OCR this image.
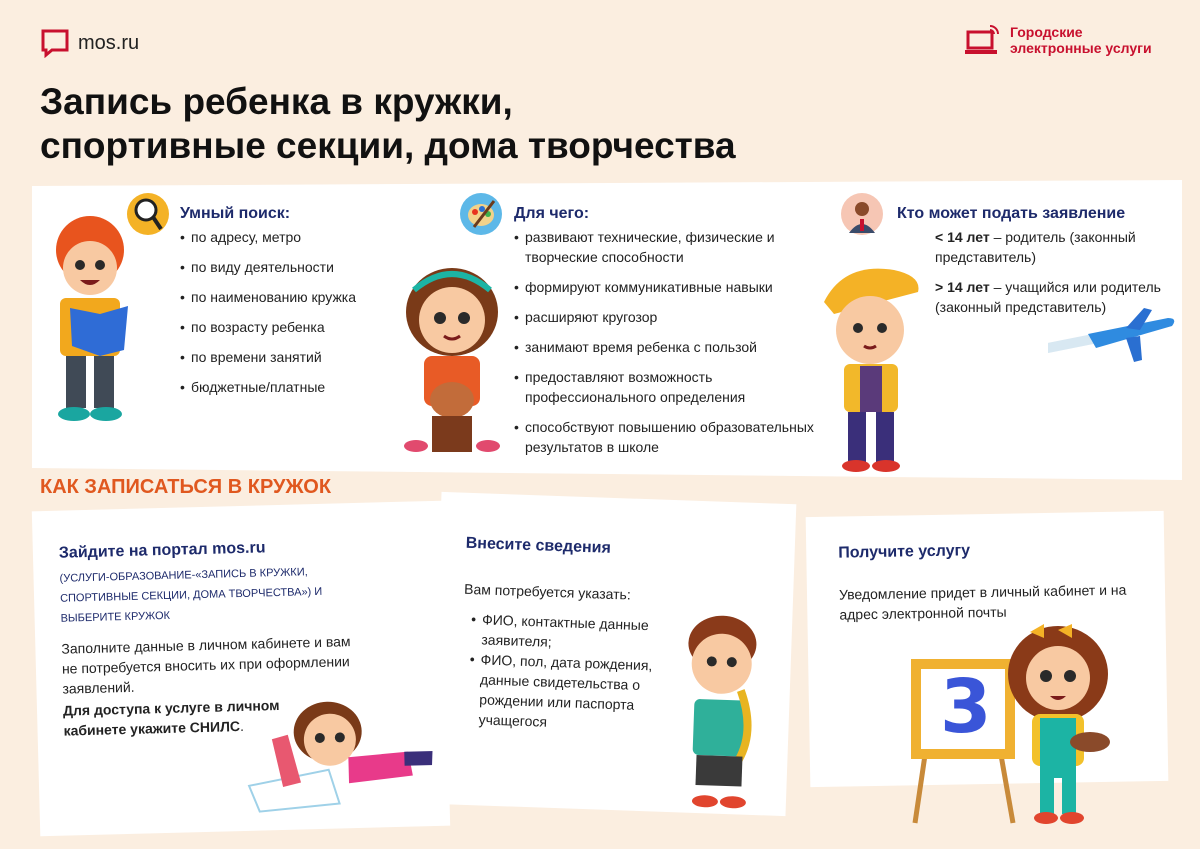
mos.ru	Городские
электронные услуги
Запись ребенка в кружки,
спортивные секции, дома творчества
Умный поиск:
• по адресу, метро
• по виду деятельности
• по наименованию кружка
• по возрасту ребенка
• по времени занятий
• бюджетные/платные
Для чего:
• развивают технические, физические и творческие способности
• формируют коммуникативные навыки
• расширяют кругозор
• занимают время ребенка с пользой
• предоставляют возможность профессионального определения
• способствуют повышению образовательных результатов в школе
Кто может подать заявление
< 14 лет – родитель (законный представитель)
> 14 лет – учащийся или родитель (законный представитель)
КАК ЗАПИСАТЬСЯ В КРУЖОК
Зайдите на портал mos.ru
(УСЛУГИ-ОБРАЗОВАНИЕ-«ЗАПИСЬ В КРУЖКИ, СПОРТИВНЫЕ СЕКЦИИ, ДОМА ТВОРЧЕСТВА») И ВЫБЕРИТЕ КРУЖОК
Заполните данные в личном кабинете и вам не потребуется вносить их при оформлении заявлений.
Для доступа к услуге в личном кабинете укажите СНИЛС.
Внесите сведения
Вам потребуется указать:
• ФИО, контактные данные заявителя;
• ФИО, пол, дата рождения, данные свидетельства о рождении или паспорта учащегося
Получите услугу
Уведомление придет в личный кабинет и на адрес электронной почты
3
